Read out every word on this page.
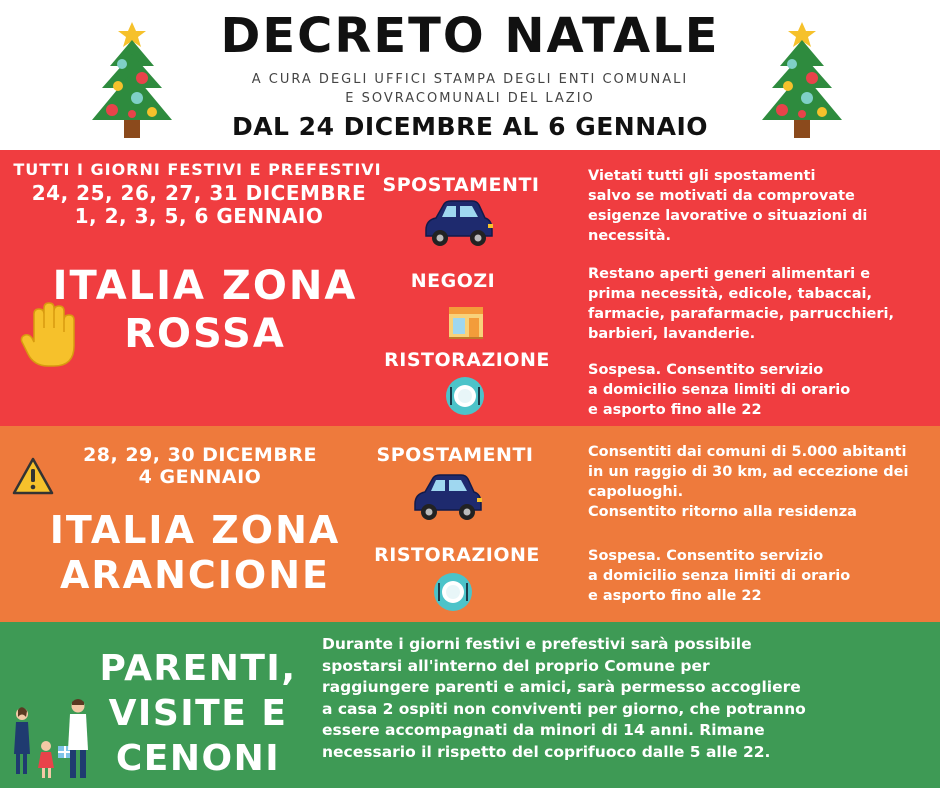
DECRETO NATALE
A CURA DEGLI UFFICI STAMPA DEGLI ENTI COMUNALI
E SOVRACOMUNALI DEL LAZIO
DAL 24 DICEMBRE AL 6 GENNAIO
TUTTI I GIORNI FESTIVI E PREFESTIVI
24, 25, 26, 27, 31 DICEMBRE
1, 2, 3, 5, 6 GENNAIO
ITALIA ZONA
ROSSA
SPOSTAMENTI	Vietati tutti gli spostamenti
salvo se motivati da comprovate
esigenze lavorative o situazioni di
necessità.
NEGOZI	Restano aperti generi alimentari e
prima necessità, edicole, tabaccai,
farmacie, parafarmacie, parrucchieri,
barbieri, lavanderie.
RISTORAZIONE	Sospesa. Consentito servizio
a domicilio senza limiti di orario
e asporto fino alle 22
28, 29, 30 DICEMBRE
4 GENNAIO
ITALIA ZONA
ARANCIONE
SPOSTAMENTI	Consentiti dai comuni di 5.000 abitanti
in un raggio di 30 km, ad eccezione dei
capoluoghi.
Consentito ritorno alla residenza
RISTORAZIONE	Sospesa. Consentito servizio
a domicilio senza limiti di orario
e asporto fino alle 22
PARENTI,
VISITE E
CENONI
Durante i giorni festivi e prefestivi sarà possibile
spostarsi all'interno del proprio Comune per
raggiungere parenti e amici, sarà permesso accogliere
a casa 2 ospiti non conviventi per giorno, che potranno
essere accompagnati da minori di 14 anni. Rimane
necessario il rispetto del coprifuoco dalle 5 alle 22.
